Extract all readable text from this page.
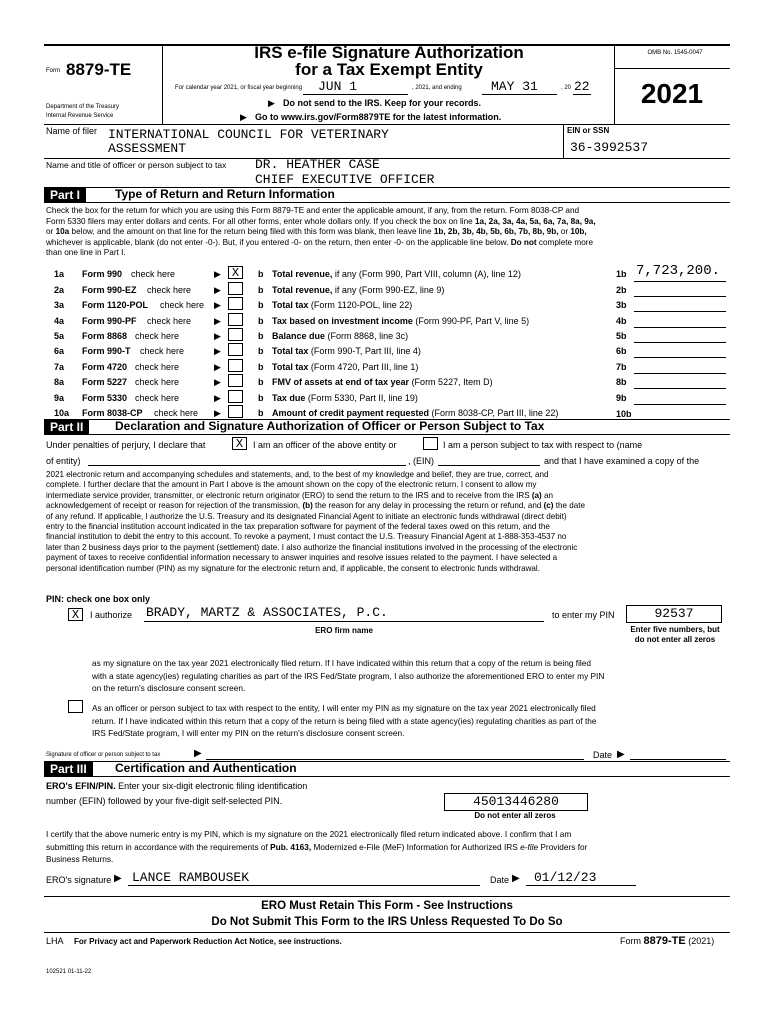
Form 8879-TE
Department of the Treasury
Internal Revenue Service
IRS e-file Signature Authorization
for a Tax Exempt Entity
For calendar year 2021, or fiscal year beginning JUN 1	, 2021, and ending MAY 31	, 20 22
▶ Do not send to the IRS. Keep for your records.
▶ Go to www.irs.gov/Form8879TE for the latest information.
OMB No. 1545-0047
2021
Name of filer INTERNATIONAL COUNCIL FOR VETERINARY
ASSESSMENT
EIN or SSN
36-3992537
Name and title of officer or person subject to tax DR. HEATHER CASE
CHIEF EXECUTIVE OFFICER
Part I	Type of Return and Return Information
Check the box for the return for which you are using this Form 8879-TE and enter the applicable amount, if any, from the return. Form 8038-CP and
Form 5330 filers may enter dollars and cents. For all other forms, enter whole dollars only. If you check the box on line 1a, 2a, 3a, 4a, 5a, 6a, 7a, 8a, 9a,
or 10a below, and the amount on that line for the return being filed with this form was blank, then leave line 1b, 2b, 3b, 4b, 5b, 6b, 7b, 8b, 9b, or 10b,
whichever is applicable, blank (do not enter -0-). But, if you entered -0- on the return, then enter -0- on the applicable line below. Do not complete more
than one line in Part I.
1a Form 990 check here	▶ X	b Total revenue, if any (Form 990, Part VIII, column (A), line 12)	1b 7,723,200.
2a Form 990-EZ check here	▶	b Total revenue, if any (Form 990-EZ, line 9)	2b
3a Form 1120-POL check here ▶	b Total tax (Form 1120-POL, line 22)	3b
4a Form 990-PF check here	▶	b Tax based on investment income (Form 990-PF, Part V, line 5)	4b
5a Form 8868 check here	▶	b Balance due (Form 8868, line 3c)	5b
6a Form 990-T check here	▶	b Total tax (Form 990-T, Part III, line 4)	6b
7a Form 4720 check here	▶	b Total tax (Form 4720, Part III, line 1)	7b
8a Form 5227 check here	▶	b FMV of assets at end of tax year (Form 5227, Item D)	8b
9a Form 5330 check here	▶	b Tax due (Form 5330, Part II, line 19)	9b
10a Form 8038-CP check here ▶	b Amount of credit payment requested (Form 8038-CP, Part III, line 22)	10b
Part II	Declaration and Signature Authorization of Officer or Person Subject to Tax
Under penalties of perjury, I declare that	X	I am an officer of the above entity or	I am a person subject to tax with respect to (name
of entity)	, (EIN)	and that I have examined a copy of the
2021 electronic return and accompanying schedules and statements, and, to the best of my knowledge and belief, they are true, correct, and
complete. I further declare that the amount in Part I above is the amount shown on the copy of the electronic return. I consent to allow my
intermediate service provider, transmitter, or electronic return originator (ERO) to send the return to the IRS and to receive from the IRS (a) an
acknowledgement of receipt or reason for rejection of the transmission, (b) the reason for any delay in processing the return or refund, and (c) the date
of any refund. If applicable, I authorize the U.S. Treasury and its designated Financial Agent to initiate an electronic funds withdrawal (direct debit)
entry to the financial institution account indicated in the tax preparation software for payment of the federal taxes owed on this return, and the
financial institution to debit the entry to this account. To revoke a payment, I must contact the U.S. Treasury Financial Agent at 1-888-353-4537 no
later than 2 business days prior to the payment (settlement) date. I also authorize the financial institutions involved in the processing of the electronic
payment of taxes to receive confidential information necessary to answer inquiries and resolve issues related to the payment. I have selected a
personal identification number (PIN) as my signature for the electronic return and, if applicable, the consent to electronic funds withdrawal.
PIN: check one box only
X	I authorize BRADY, MARTZ & ASSOCIATES, P.C.
ERO firm name
to enter my PIN	92537
Enter five numbers, but
do not enter all zeros
as my signature on the tax year 2021 electronically filed return. If I have indicated within this return that a copy of the return is being filed
with a state agency(ies) regulating charities as part of the IRS Fed/State program, I also authorize the aforementioned ERO to enter my PIN
on the return's disclosure consent screen.
As an officer or person subject to tax with respect to the entity, I will enter my PIN as my signature on the tax year 2021 electronically filed
return. If I have indicated within this return that a copy of the return is being filed with a state agency(ies) regulating charities as part of the
IRS Fed/State program, I will enter my PIN on the return's disclosure consent screen.
Signature of officer or person subject to tax	▶	Date ▶
Part III	Certification and Authentication
ERO's EFIN/PIN. Enter your six-digit electronic filing identification
number (EFIN) followed by your five-digit self-selected PIN.	45013446280
Do not enter all zeros
I certify that the above numeric entry is my PIN, which is my signature on the 2021 electronically filed return indicated above. I confirm that I am
submitting this return in accordance with the requirements of Pub. 4163, Modernized e-File (MeF) Information for Authorized IRS e-file Providers for
Business Returns.
ERO's signature ▶ LANCE RAMBOUSEK	Date ▶ 01/12/23
ERO Must Retain This Form - See Instructions
Do Not Submit This Form to the IRS Unless Requested To Do So
LHA For Privacy act and Paperwork Reduction Act Notice, see instructions.	Form 8879-TE (2021)
102521 01-11-22
